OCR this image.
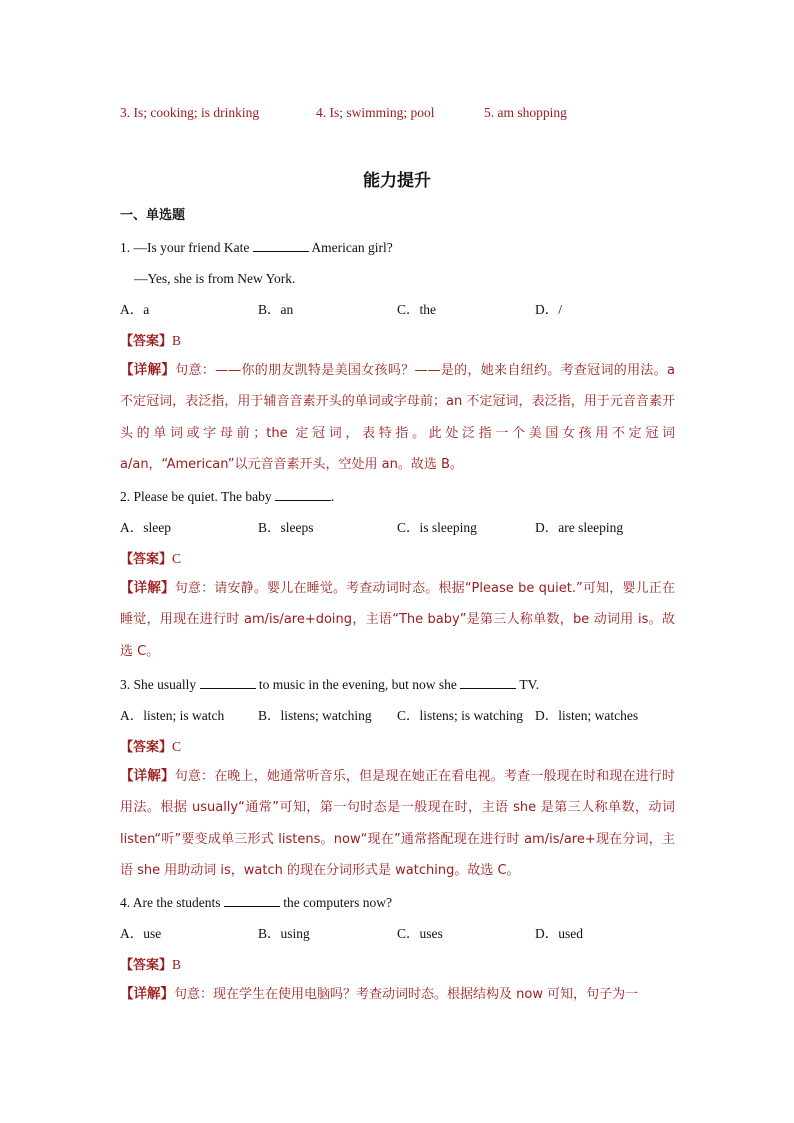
3. Is; cooking; is drinking	4. Is; swimming; pool	5. am shopping
能力提升
一、单选题
1. —Is your friend Kate	American girl?
—Yes, she is from New York.
A．a	B．an	C．the	D．/
【答案】B
【详解】句意：——你的朋友凯特是美国女孩吗？——是的，她来自纽约。考查冠词的用法。a 不定冠词，表泛指，用于辅音音素开头的单词或字母前；an 不定冠词，表泛指，用于元音音素开头的单词或字母前；the 定冠词，表特指。此处泛指一个美国女孩用不定冠词 a/an，“American”以元音音素开头，空处用 an。故选 B。
2. Please be quiet. The baby	.
A．sleep	B．sleeps	C．is sleeping	D．are sleeping
【答案】C
【详解】句意：请安静。婴儿在睡觉。考查动词时态。根据“Please be quiet.”可知，婴儿正在睡觉，用现在进行时 am/is/are+doing，主语“The baby”是第三人称单数，be 动词用 is。故选 C。
3. She usually	to music in the evening, but now she	TV.
A．listen; is watch	B．listens; watching C．listens; is watching D．listen; watches
【答案】C
【详解】句意：在晚上，她通常听音乐，但是现在她正在看电视。考查一般现在时和现在进行时用法。根据 usually“通常”可知，第一句时态是一般现在时，主语 she 是第三人称单数，动词 listen“听”要变成单三形式 listens。now“现在”通常搭配现在进行时 am/is/are+现在分词，主语 she 用助动词 is，watch 的现在分词形式是 watching。故选 C。
4. Are the students	the computers now?
A．use	B．using	C．uses	D．used
【答案】B
【详解】句意：现在学生在使用电脑吗？考查动词时态。根据结构及 now 可知，句子为一
